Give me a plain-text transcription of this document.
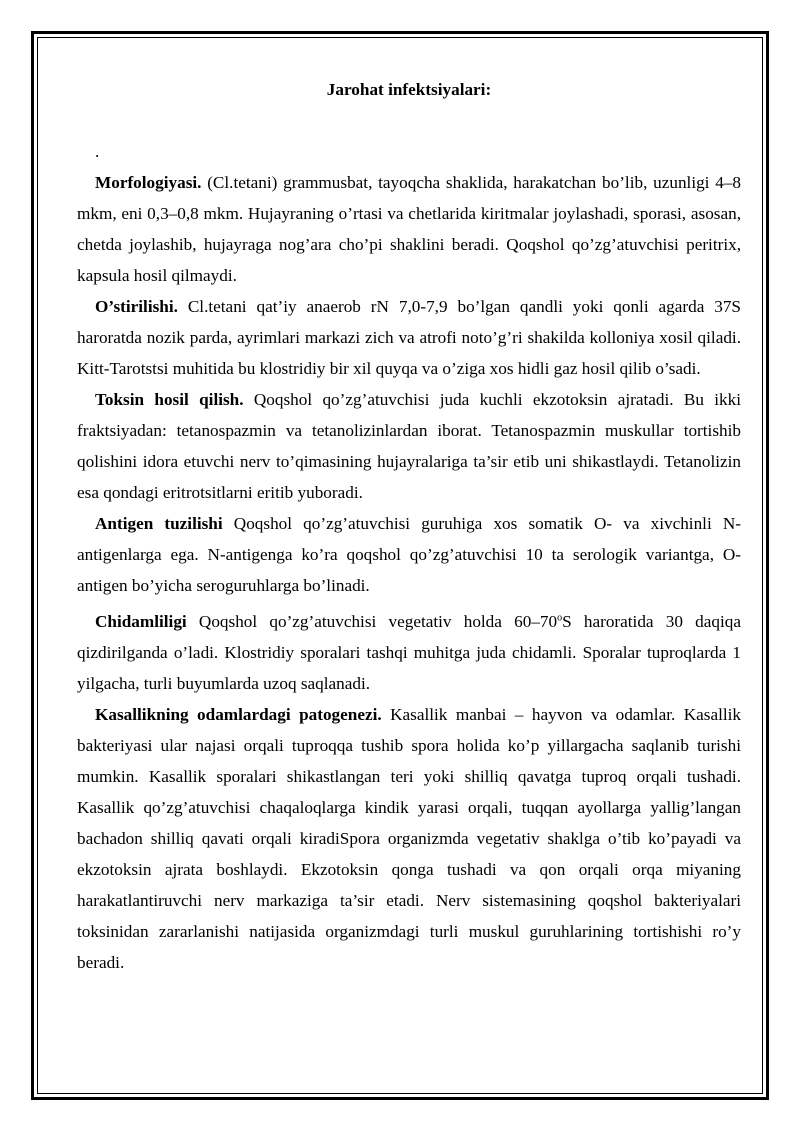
Jarohat infektsiyalari:

.

Morfologiyasi. (Cl.tetani) grammusbat, tayoqcha shaklida, harakatchan bo’lib, uzunligi 4–8 mkm, eni 0,3–0,8 mkm. Hujayraning o’rtasi va chetlarida kiritmalar joylashadi, sporasi, asosan, chetda joylashib, hujayraga nog’ara cho’pi shaklini beradi. Qoqshol qo’zg’atuvchisi peritrix, kapsula hosil qilmaydi.

O’stirilishi. Cl.tetani qat’iy anaerob rN 7,0-7,9 bo’lgan qandli yoki qonli agarda 37S haroratda nozik parda, ayrimlari markazi zich va atrofi noto’g’ri shakilda kolloniya xosil qiladi. Kitt-Tarotstsi muhitida bu klostridiy bir xil quyqa va o’ziga xos hidli gaz hosil qilib o’sadi.

Toksin hosil qilish. Qoqshol qo’zg’atuvchisi juda kuchli ekzotoksin ajratadi. Bu ikki fraktsiyadan: tetanospazmin va tetanolizinlardan iborat. Tetanospazmin muskullar tortishib qolishini idora etuvchi nerv to’qimasining hujayralariga ta’sir etib uni shikastlaydi. Tetanolizin esa qondagi eritrotsitlarni eritib yuboradi.

Antigen tuzilishi Qoqshol qo’zg’atuvchisi guruhiga xos somatik O- va xivchinli N-antigenlarga ega. N-antigenga ko’ra qoqshol qo’zg’atuvchisi 10 ta serologik variantga, O-antigen bo’yicha seroguruhlarga bo’linadi.

Chidamliligi Qoqshol qo’zg’atuvchisi vegetativ holda 60–70$^o$S haroratida 30 daqiqa qizdirilganda o’ladi. Klostridiy sporalari tashqi muhitga juda chidamli. Sporalar tuproqlarda 1 yilgacha, turli buyumlarda uzoq saqlanadi.

Kasallikning odamlardagi patogenezi. Kasallik manbai – hayvon va odamlar. Kasallik bakteriyasi ular najasi orqali tuproqqa tushib spora holida ko’p yillargacha saqlanib turishi mumkin. Kasallik sporalari shikastlangan teri yoki shilliq qavatga tuproq orqali tushadi. Kasallik qo’zg’atuvchisi chaqaloqlarga kindik yarasi orqali, tuqqan ayollarga yallig’langan bachadon shilliq qavati orqali kiradiSpora organizmda vegetativ shaklga o’tib ko’payadi va ekzotoksin ajrata boshlaydi. Ekzotoksin qonga tushadi va qon orqali orqa miyaning harakatlantiruvchi nerv markaziga ta’sir etadi. Nerv sistemasining qoqshol bakteriyalari toksinidan zararlanishi natijasida organizmdagi turli muskul guruhlarining tortishishi ro’y beradi.
